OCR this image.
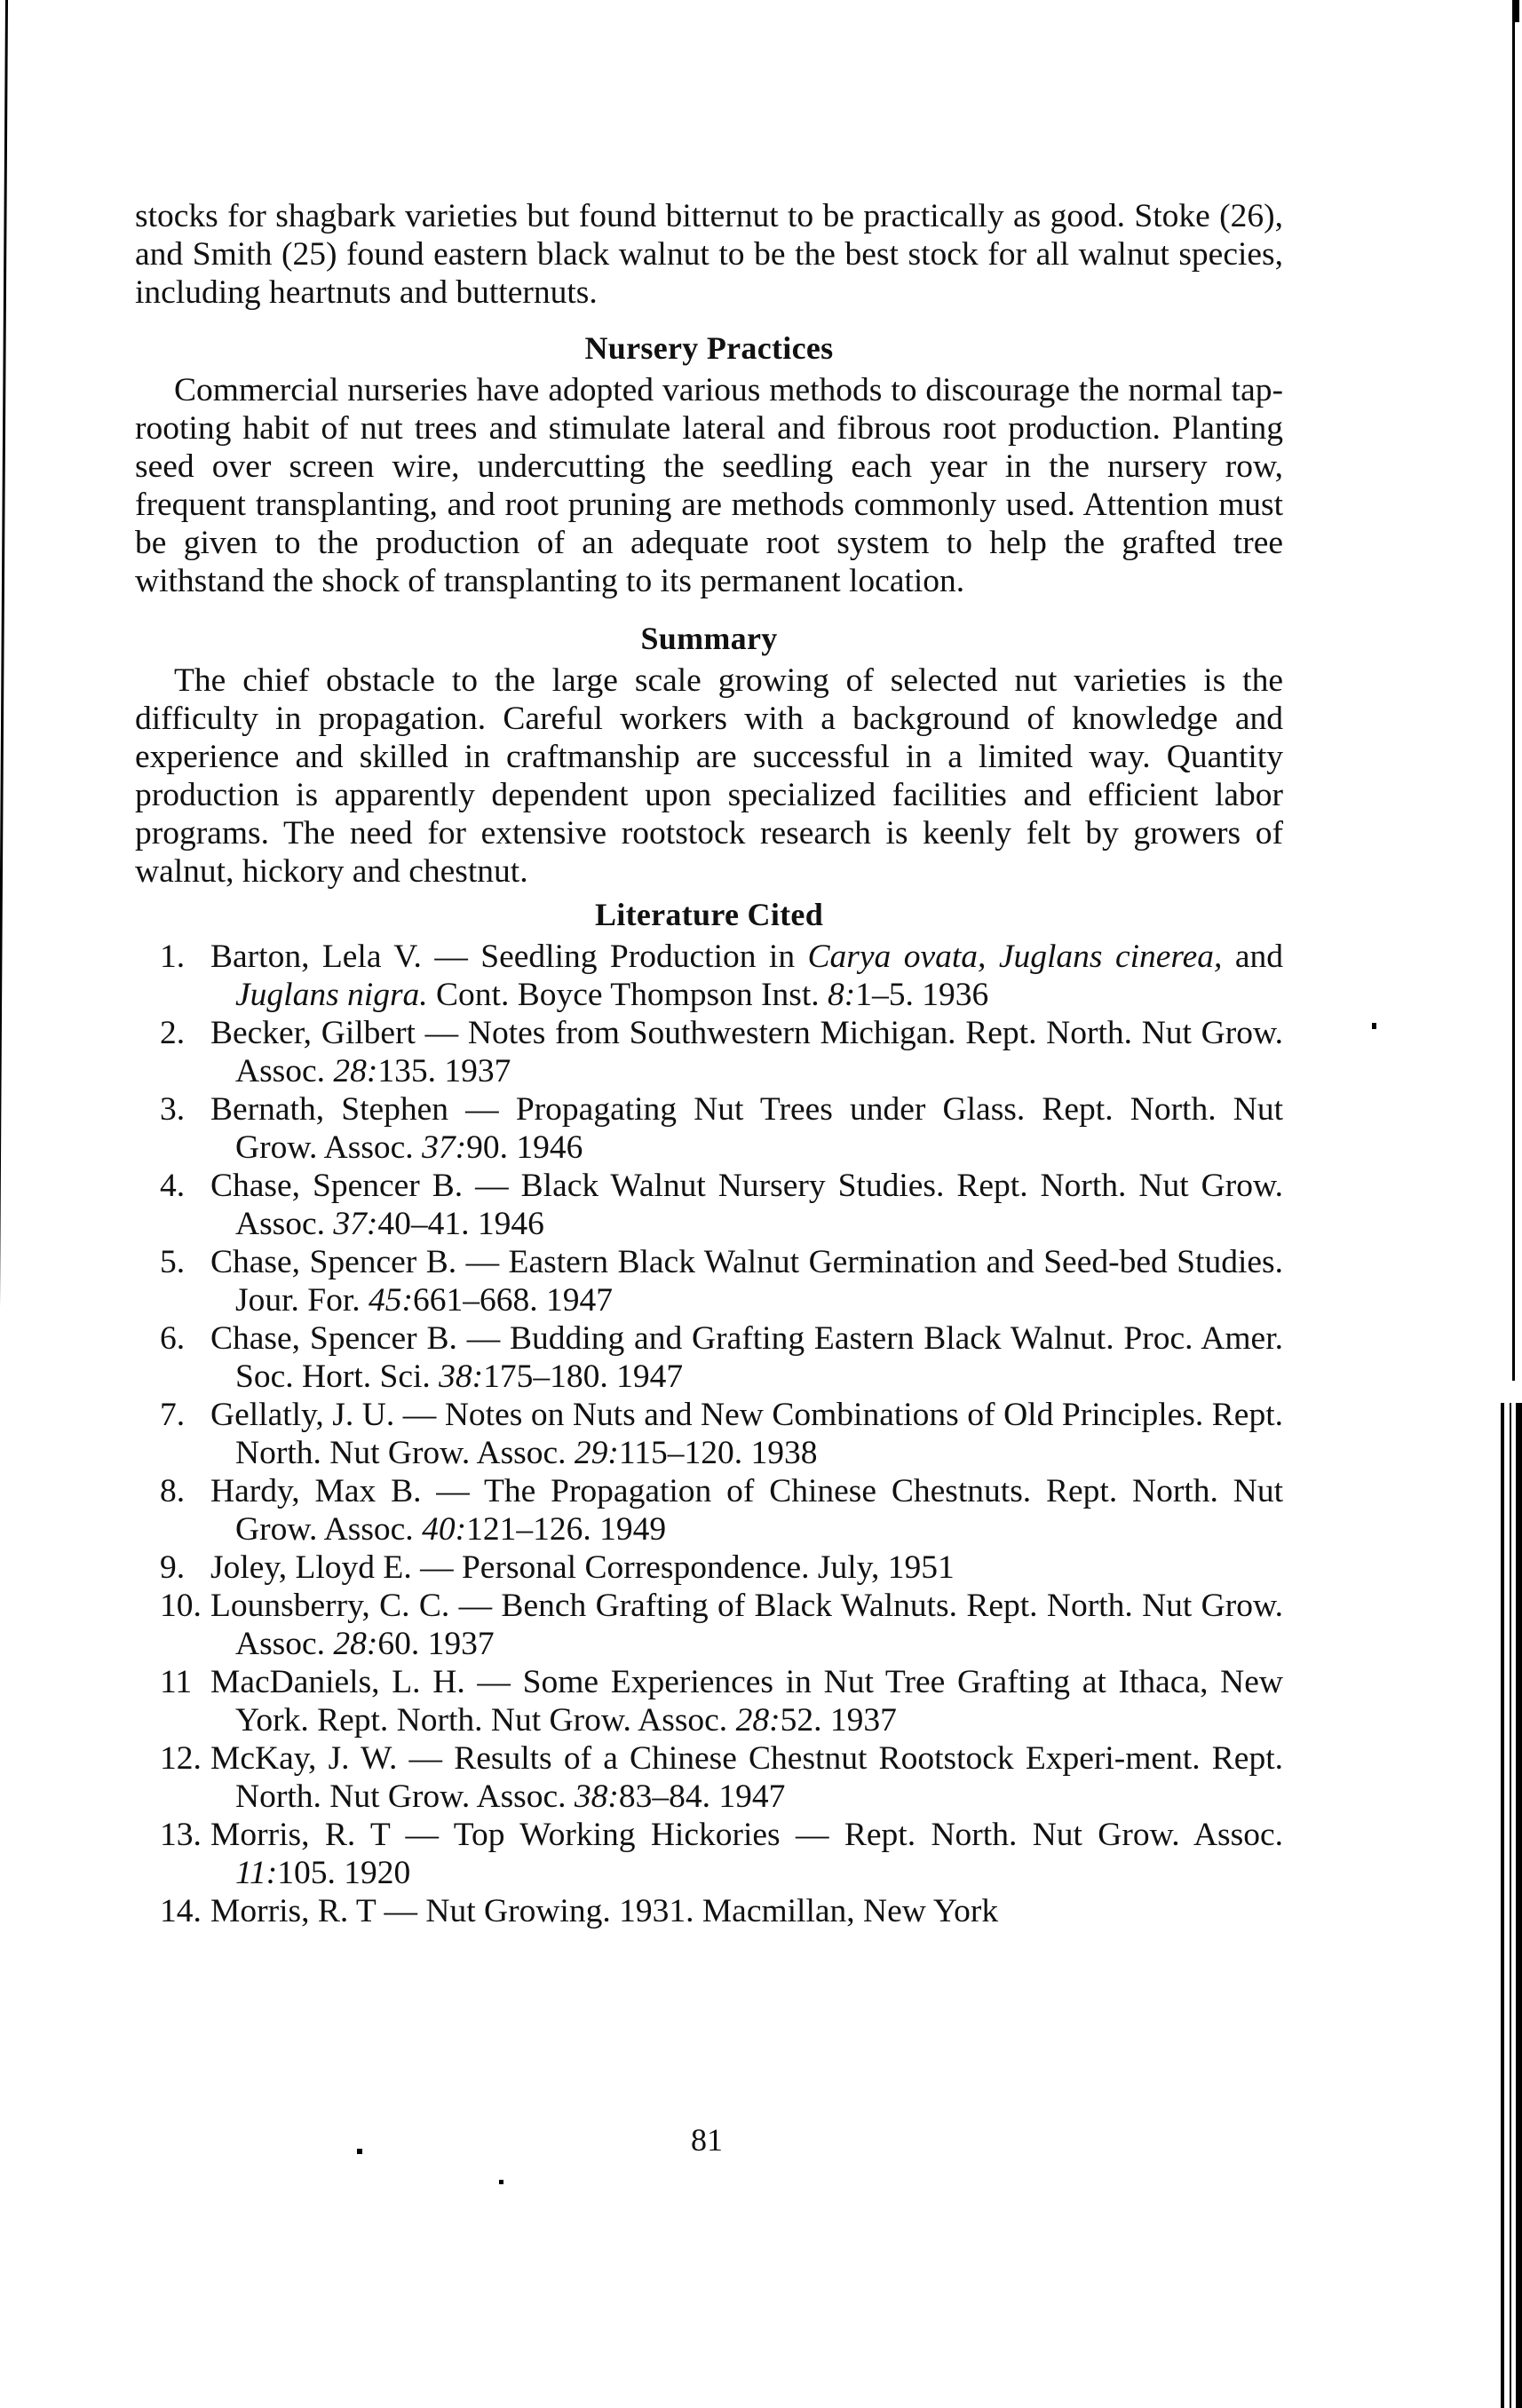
stocks for shagbark varieties but found bitternut to be practically as good. Stoke (26), and Smith (25) found eastern black walnut to be the best stock for all walnut species, including heartnuts and butternuts.

Nursery Practices

Commercial nurseries have adopted various methods to discourage the normal tap-rooting habit of nut trees and stimulate lateral and fibrous root production. Planting seed over screen wire, undercutting the seedling each year in the nursery row, frequent transplanting, and root pruning are methods commonly used. Attention must be given to the production of an adequate root system to help the grafted tree withstand the shock of transplanting to its permanent location.

Summary

The chief obstacle to the large scale growing of selected nut varieties is the difficulty in propagation. Careful workers with a background of knowledge and experience and skilled in craftmanship are successful in a limited way. Quantity production is apparently dependent upon specialized facilities and efficient labor programs. The need for extensive rootstock research is keenly felt by growers of walnut, hickory and chestnut.

Literature Cited
1. Barton, Lela V. — Seedling Production in Carya ovata, Juglans cinerea, and Juglans nigra. Cont. Boyce Thompson Inst. 8:1–5. 1936
2. Becker, Gilbert — Notes from Southwestern Michigan. Rept. North. Nut Grow. Assoc. 28:135. 1937
3. Bernath, Stephen — Propagating Nut Trees under Glass. Rept. North. Nut Grow. Assoc. 37:90. 1946
4. Chase, Spencer B. — Black Walnut Nursery Studies. Rept. North. Nut Grow. Assoc. 37:40–41. 1946
5. Chase, Spencer B. — Eastern Black Walnut Germination and Seed-bed Studies. Jour. For. 45:661–668. 1947
6. Chase, Spencer B. — Budding and Grafting Eastern Black Walnut. Proc. Amer. Soc. Hort. Sci. 38:175–180. 1947
7. Gellatly, J. U. — Notes on Nuts and New Combinations of Old Principles. Rept. North. Nut Grow. Assoc. 29:115–120. 1938
8. Hardy, Max B. — The Propagation of Chinese Chestnuts. Rept. North. Nut Grow. Assoc. 40:121–126. 1949
9. Joley, Lloyd E. — Personal Correspondence. July, 1951
10. Lounsberry, C. C. — Bench Grafting of Black Walnuts. Rept. North. Nut Grow. Assoc. 28:60. 1937
11 MacDaniels, L. H. — Some Experiences in Nut Tree Grafting at Ithaca, New York. Rept. North. Nut Grow. Assoc. 28:52. 1937
12. McKay, J. W. — Results of a Chinese Chestnut Rootstock Experi-ment. Rept. North. Nut Grow. Assoc. 38:83–84. 1947
13. Morris, R. T — Top Working Hickories — Rept. North. Nut Grow. Assoc. 11:105. 1920
14. Morris, R. T — Nut Growing. 1931. Macmillan, New York
81
